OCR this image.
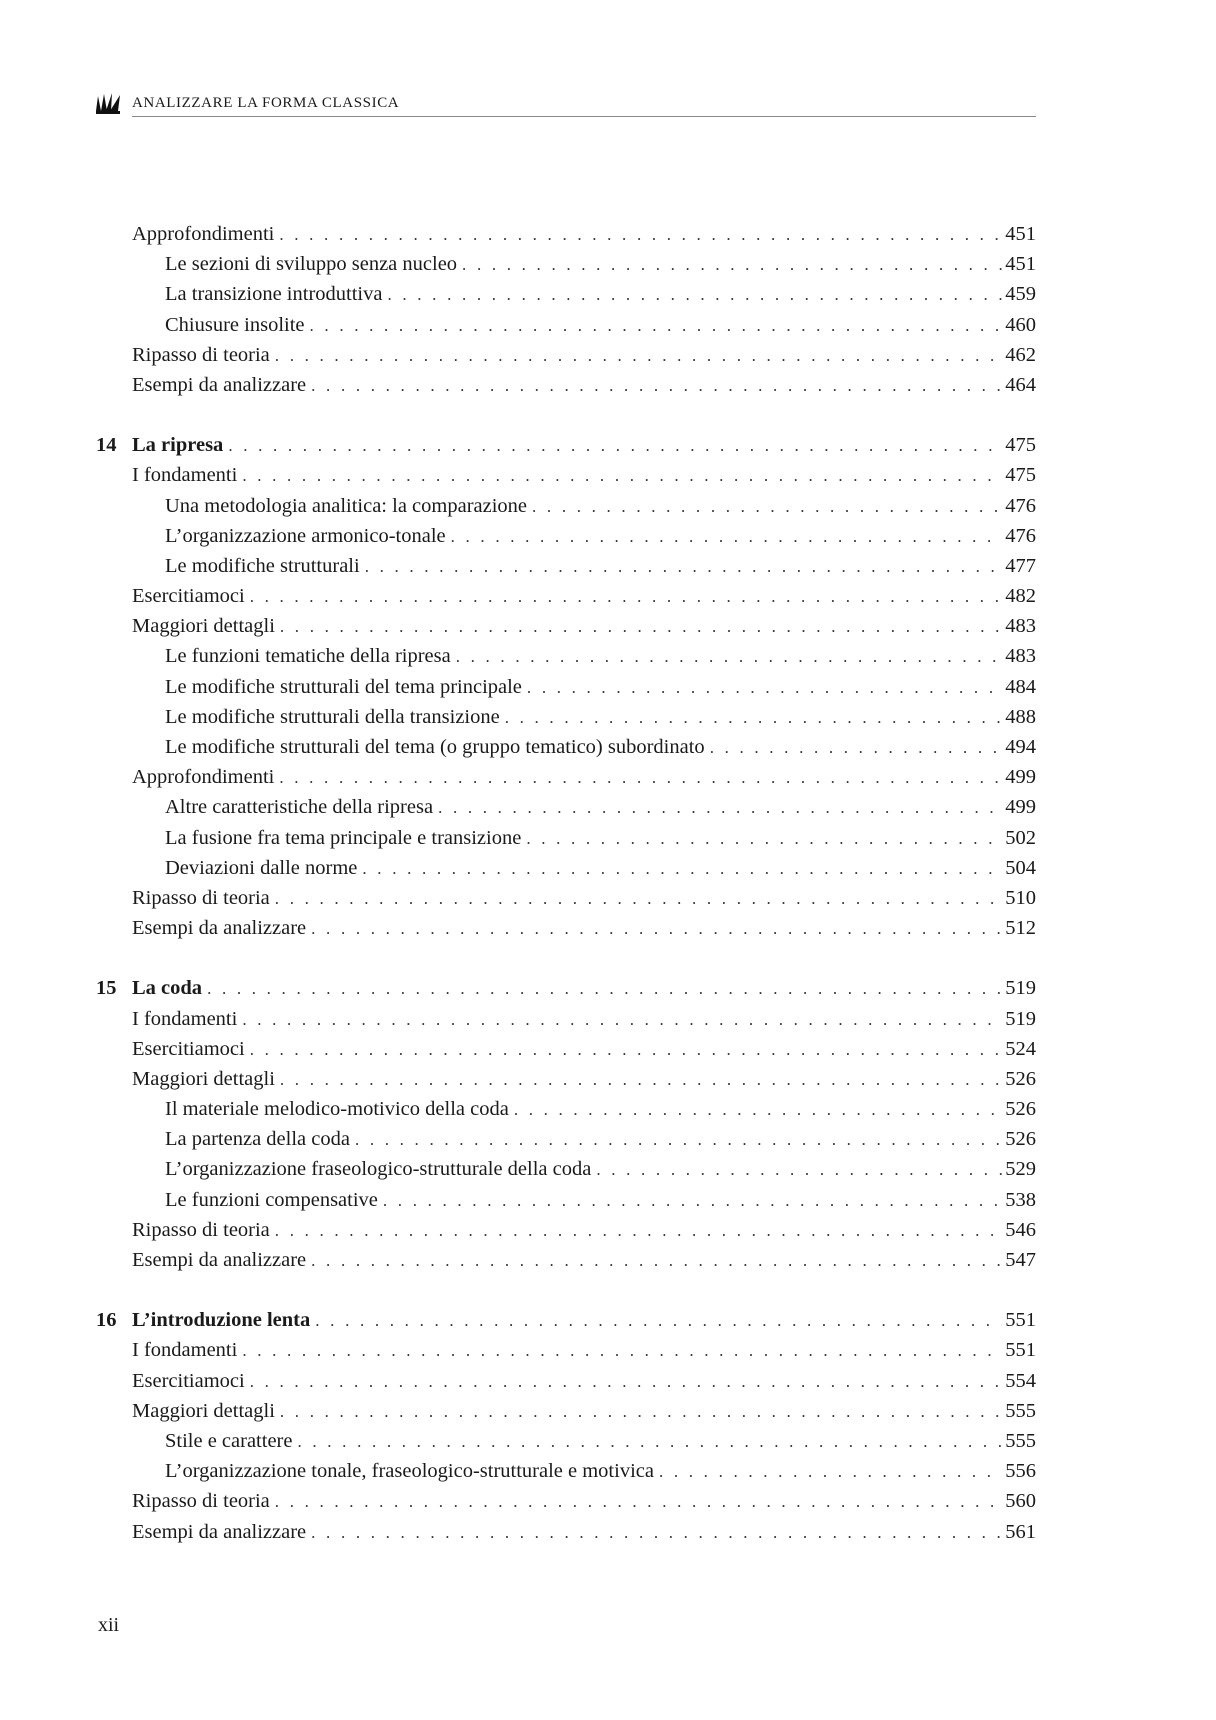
ANALIZZARE LA FORMA CLASSICA
Approfondimenti . . .	451
Le sezioni di sviluppo senza nucleo . . .	451
La transizione introduttiva . . .	459
Chiusure insolite . . .	460
Ripasso di teoria . . .	462
Esempi da analizzare . . .	464
14 La ripresa . . .	475
I fondamenti . . .	475
Una metodologia analitica: la comparazione . . .	476
L’organizzazione armonico-tonale . . .	476
Le modifiche strutturali . . .	477
Esercitiamoci . . .	482
Maggiori dettagli . . .	483
Le funzioni tematiche della ripresa . . .	483
Le modifiche strutturali del tema principale . . .	484
Le modifiche strutturali della transizione . . .	488
Le modifiche strutturali del tema (o gruppo tematico) subordinato . . .	494
Approfondimenti . . .	499
Altre caratteristiche della ripresa . . .	499
La fusione fra tema principale e transizione . . .	502
Deviazioni dalle norme . . .	504
Ripasso di teoria . . .	510
Esempi da analizzare . . .	512
15 La coda . . .	519
I fondamenti . . .	519
Esercitiamoci . . .	524
Maggiori dettagli . . .	526
Il materiale melodico-motivico della coda . . .	526
La partenza della coda . . .	526
L’organizzazione fraseologico-strutturale della coda . . .	529
Le funzioni compensative . . .	538
Ripasso di teoria . . .	546
Esempi da analizzare . . .	547
16 L’introduzione lenta . . .	551
I fondamenti . . .	551
Esercitiamoci . . .	554
Maggiori dettagli . . .	555
Stile e carattere . . .	555
L’organizzazione tonale, fraseologico-strutturale e motivica . . .	556
Ripasso di teoria . . .	560
Esempi da analizzare . . .	561
xii
